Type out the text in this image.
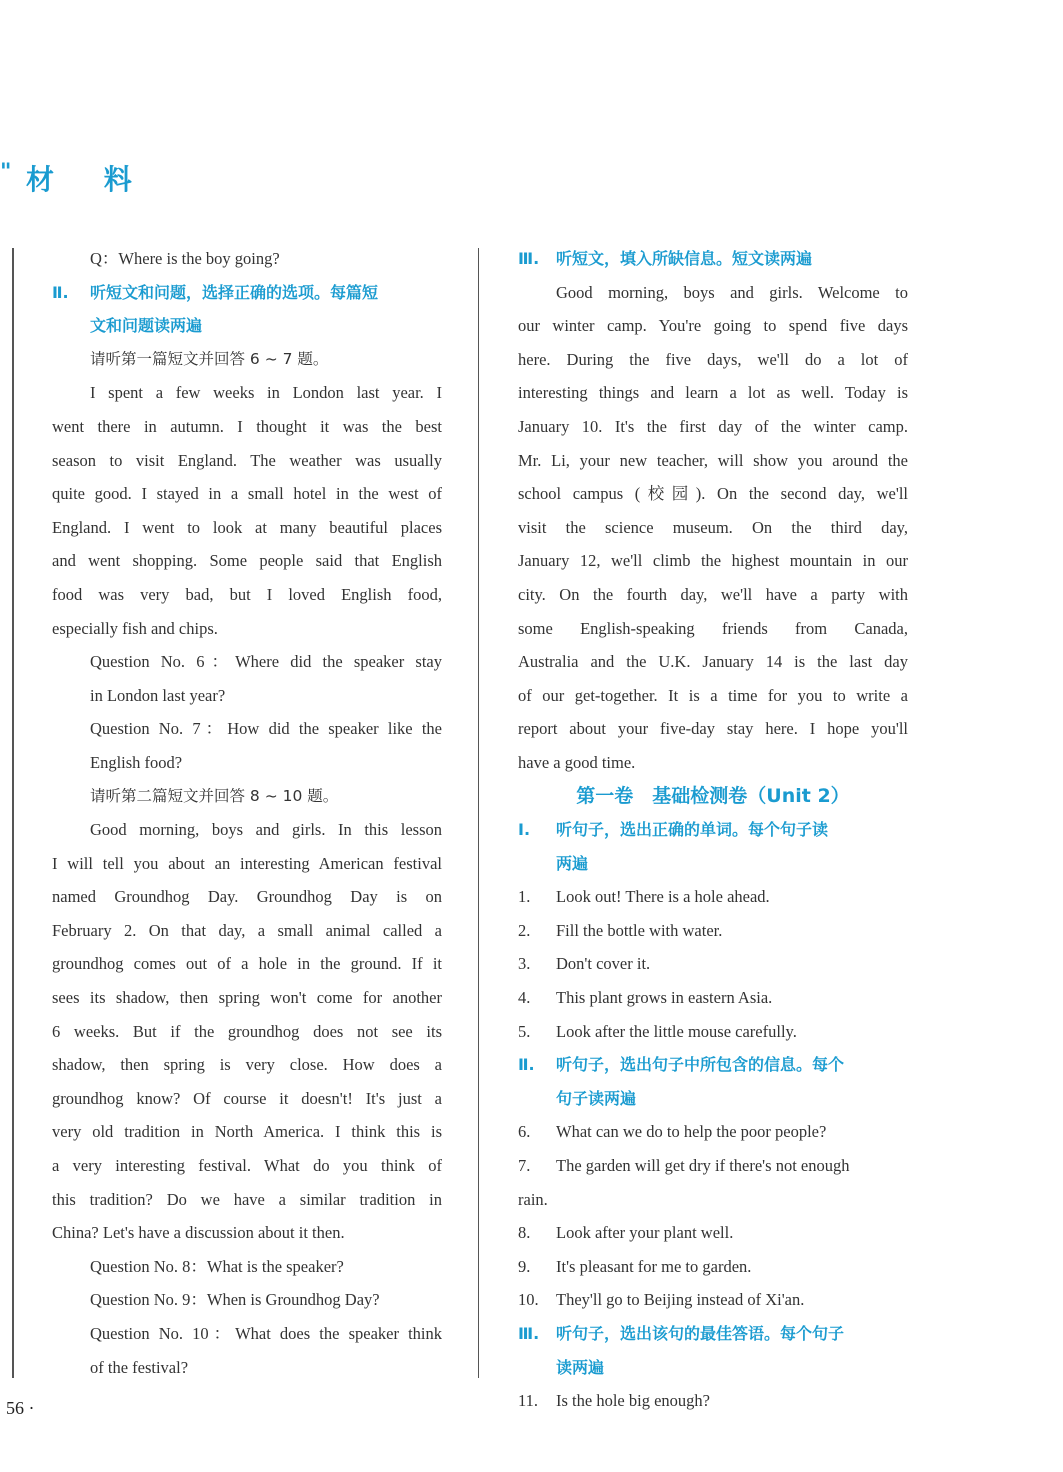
" 材 料
Q：Where is the boy going?
Ⅱ. 听短文和问题，选择正确的选项。每篇短
文和问题读两遍
请听第一篇短文并回答 6 ~ 7 题。
I spent a few weeks in London last year. I
went there in autumn. I thought it was the best
season to visit England. The weather was usually
quite good. I stayed in a small hotel in the west of
England. I went to look at many beautiful places
and went shopping. Some people said that English
food was very bad, but I loved English food,
especially fish and chips.
Question No. 6：Where did the speaker stay
in London last year?
Question No. 7：How did the speaker like the
English food?
请听第二篇短文并回答 8 ~ 10 题。
Good morning, boys and girls. In this lesson
I will tell you about an interesting American festival
named Groundhog Day. Groundhog Day is on
February 2. On that day, a small animal called a
groundhog comes out of a hole in the ground. If it
sees its shadow, then spring won't come for another
6 weeks. But if the groundhog does not see its
shadow, then spring is very close. How does a
groundhog know? Of course it doesn't! It's just a
very old tradition in North America. I think this is
a very interesting festival. What do you think of
this tradition? Do we have a similar tradition in
China? Let's have a discussion about it then.
Question No. 8：What is the speaker?
Question No. 9：When is Groundhog Day?
Question No. 10：What does the speaker think
of the festival?
Ⅲ. 听短文，填入所缺信息。短文读两遍
Good morning, boys and girls. Welcome to
our winter camp. You're going to spend five days
here. During the five days, we'll do a lot of
interesting things and learn a lot as well. Today is
January 10. It's the first day of the winter camp.
Mr. Li, your new teacher, will show you around the
school campus (校园). On the second day, we'll
visit the science museum. On the third day,
January 12, we'll climb the highest mountain in our
city. On the fourth day, we'll have a party with
some English-speaking friends from Canada,
Australia and the U.K. January 14 is the last day
of our get-together. It is a time for you to write a
report about your five-day stay here. I hope you'll
have a good time.
第一卷　基础检测卷（Unit 2）
Ⅰ. 听句子，选出正确的单词。每个句子读
两遍
1.	Look out! There is a hole ahead.
2.	Fill the bottle with water.
3.	Don't cover it.
4.	This plant grows in eastern Asia.
5.	Look after the little mouse carefully.
Ⅱ. 听句子，选出句子中所包含的信息。每个
句子读两遍
6.	What can we do to help the poor people?
7.	The garden will get dry if there's not enough
rain.
8.	Look after your plant well.
9.	It's pleasant for me to garden.
10.	They'll go to Beijing instead of Xi'an.
Ⅲ. 听句子，选出该句的最佳答语。每个句子
读两遍
11.	Is the hole big enough?
56 ·
